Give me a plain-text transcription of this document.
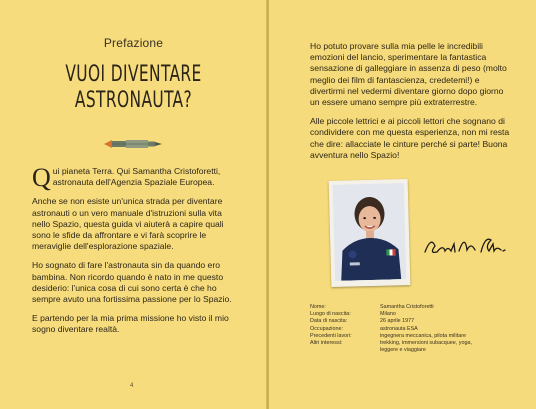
Prefazione
VUOI DIVENTARE
ASTRONAUTA?

Qui pianeta Terra. Qui Samantha Cristoforetti, astronauta dell'Agenzia Spaziale Europea.

Anche se non esiste un'unica strada per diventare astronauti o un vero manuale d'istruzioni sulla vita nello Spazio, questa guida vi aiuterà a capire quali sono le sfide da affrontare e vi farà scoprire le meraviglie dell'esplorazione spaziale.

Ho sognato di fare l'astronauta sin da quando ero bambina. Non ricordo quando è nato in me questo desiderio: l'unica cosa di cui sono certa è che ho sempre avuto una fortissima passione per lo Spazio.

E partendo per la mia prima missione ho visto il mio sogno diventare realtà.

4

Ho potuto provare sulla mia pelle le incredibili emozioni del lancio, sperimentare la fantastica sensazione di galleggiare in assenza di peso (molto meglio dei film di fantascienza, credetemi!) e divertirmi nel vedermi diventare giorno dopo giorno un essere umano sempre più extraterrestre.

Alle piccole lettrici e ai piccoli lettori che sognano di condividere con me questa esperienza, non mi resta che dire: allacciate le cinture perché si parte! Buona avventura nello Spazio!

Nome:	Samantha Cristoforetti
Luogo di nascita:	Milano
Data di nascita:	26 aprile 1977
Occupazione:	astronauta ESA
Precedenti lavori:	ingegnera meccanica, pilota militare
Altri interessi:	trekking, immersioni subacquee, yoga, leggere e viaggiare
